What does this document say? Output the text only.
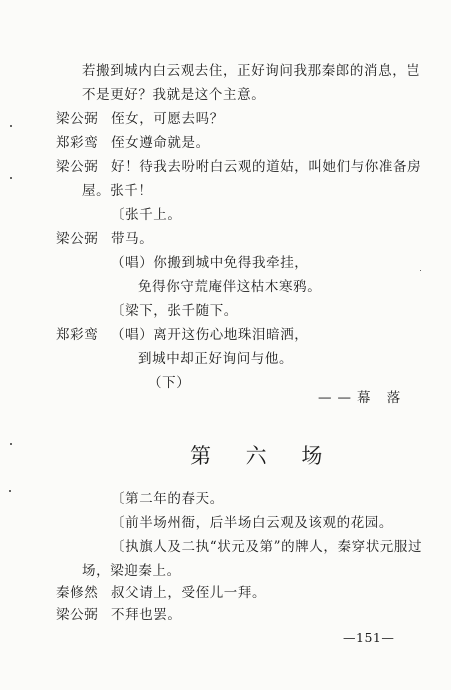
若搬到城内白云观去住，正好询问我那秦郎的消息，岂
不是更好？我就是这个主意。
梁公弼 侄女，可愿去吗？
郑彩鸾 侄女遵命就是。
梁公弼 好！待我去吩咐白云观的道姑，叫她们与你准备房
屋。张千！
〔张千上。
梁公弼 带马。
（唱）你搬到城中免得我牵挂，
免得你守荒庵伴这枯木寒鸦。
〔梁下，张千随下。
郑彩鸾 （唱）离开这伤心地珠泪暗洒，
到城中却正好询问与他。
（下）
——幕 落
第 六 场
〔第二年的春天。
〔前半场州衙，后半场白云观及该观的花园。
〔执旗人及二执“状元及第”的牌人，秦穿状元服过
场，梁迎秦上。
秦修然 叔父请上，受侄儿一拜。
梁公弼 不拜也罢。
—151—
